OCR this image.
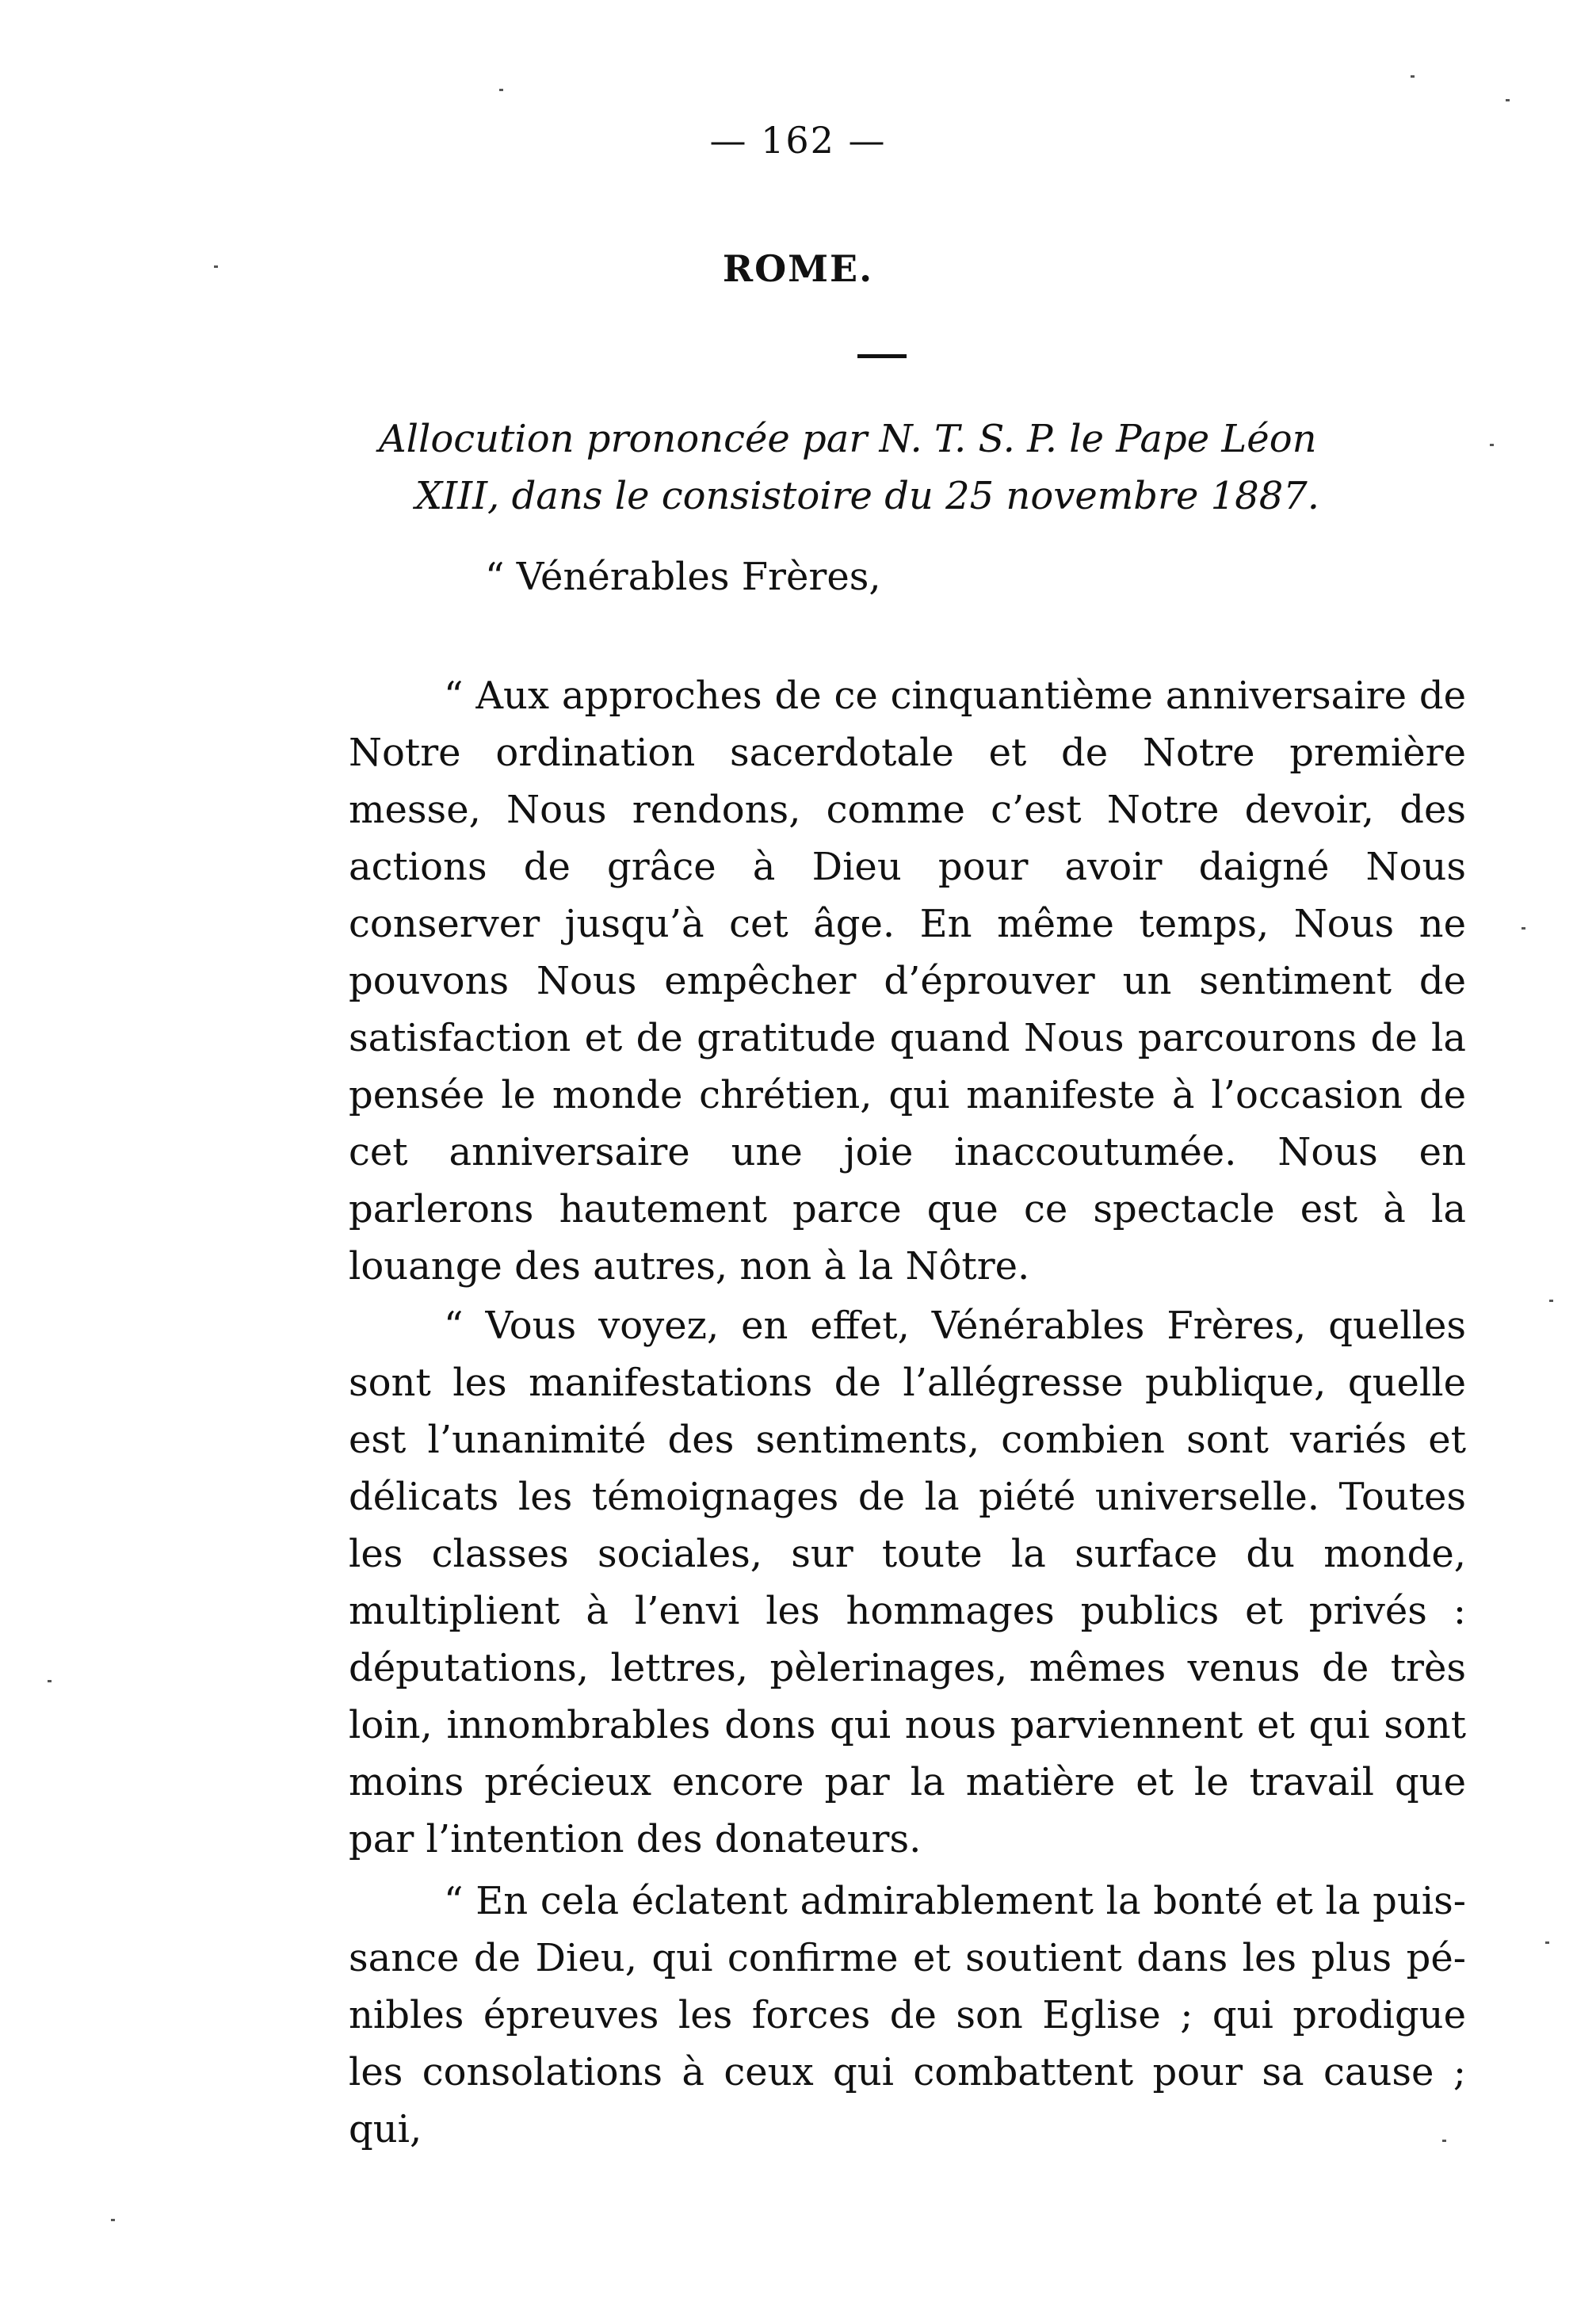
— 162 —
ROME.
Allocution prononcée par N. T. S. P. le Pape Léon
XIII, dans le consistoire du 25 novembre 1887.
“ Vénérables Frères,

“ Aux approches de ce cinquantième anniversaire de Notre ordination sacerdotale et de Notre première messe, Nous rendons, comme c’est Notre devoir, des actions de grâce à Dieu pour avoir daigné Nous conserver jusqu’à cet âge. En même temps, Nous ne pouvons Nous empêcher d’éprouver un sentiment de satisfaction et de gratitude quand Nous parcourons de la pensée le monde chrétien, qui manifeste à l’occasion de cet anniversaire une joie inaccoutumée. Nous en parlerons hautement parce que ce spectacle est à la louange des autres, non à la Nôtre.

“ Vous voyez, en effet, Vénérables Frères, quelles sont les manifestations de l’allégresse publique, quelle est l’unanimité des sentiments, combien sont variés et délicats les témoignages de la piété universelle. Toutes les classes sociales, sur toute la surface du monde, multiplient à l’envi les hommages publics et privés : députations, lettres, pèlerinages, mêmes venus de très loin, innombrables dons qui nous parviennent et qui sont moins précieux encore par la matière et le travail que par l’intention des donateurs.

“ En cela éclatent admirablement la bonté et la puissance de Dieu, qui confirme et soutient dans les plus pénibles épreuves les forces de son Eglise ; qui prodigue les consolations à ceux qui combattent pour sa cause ; qui,
